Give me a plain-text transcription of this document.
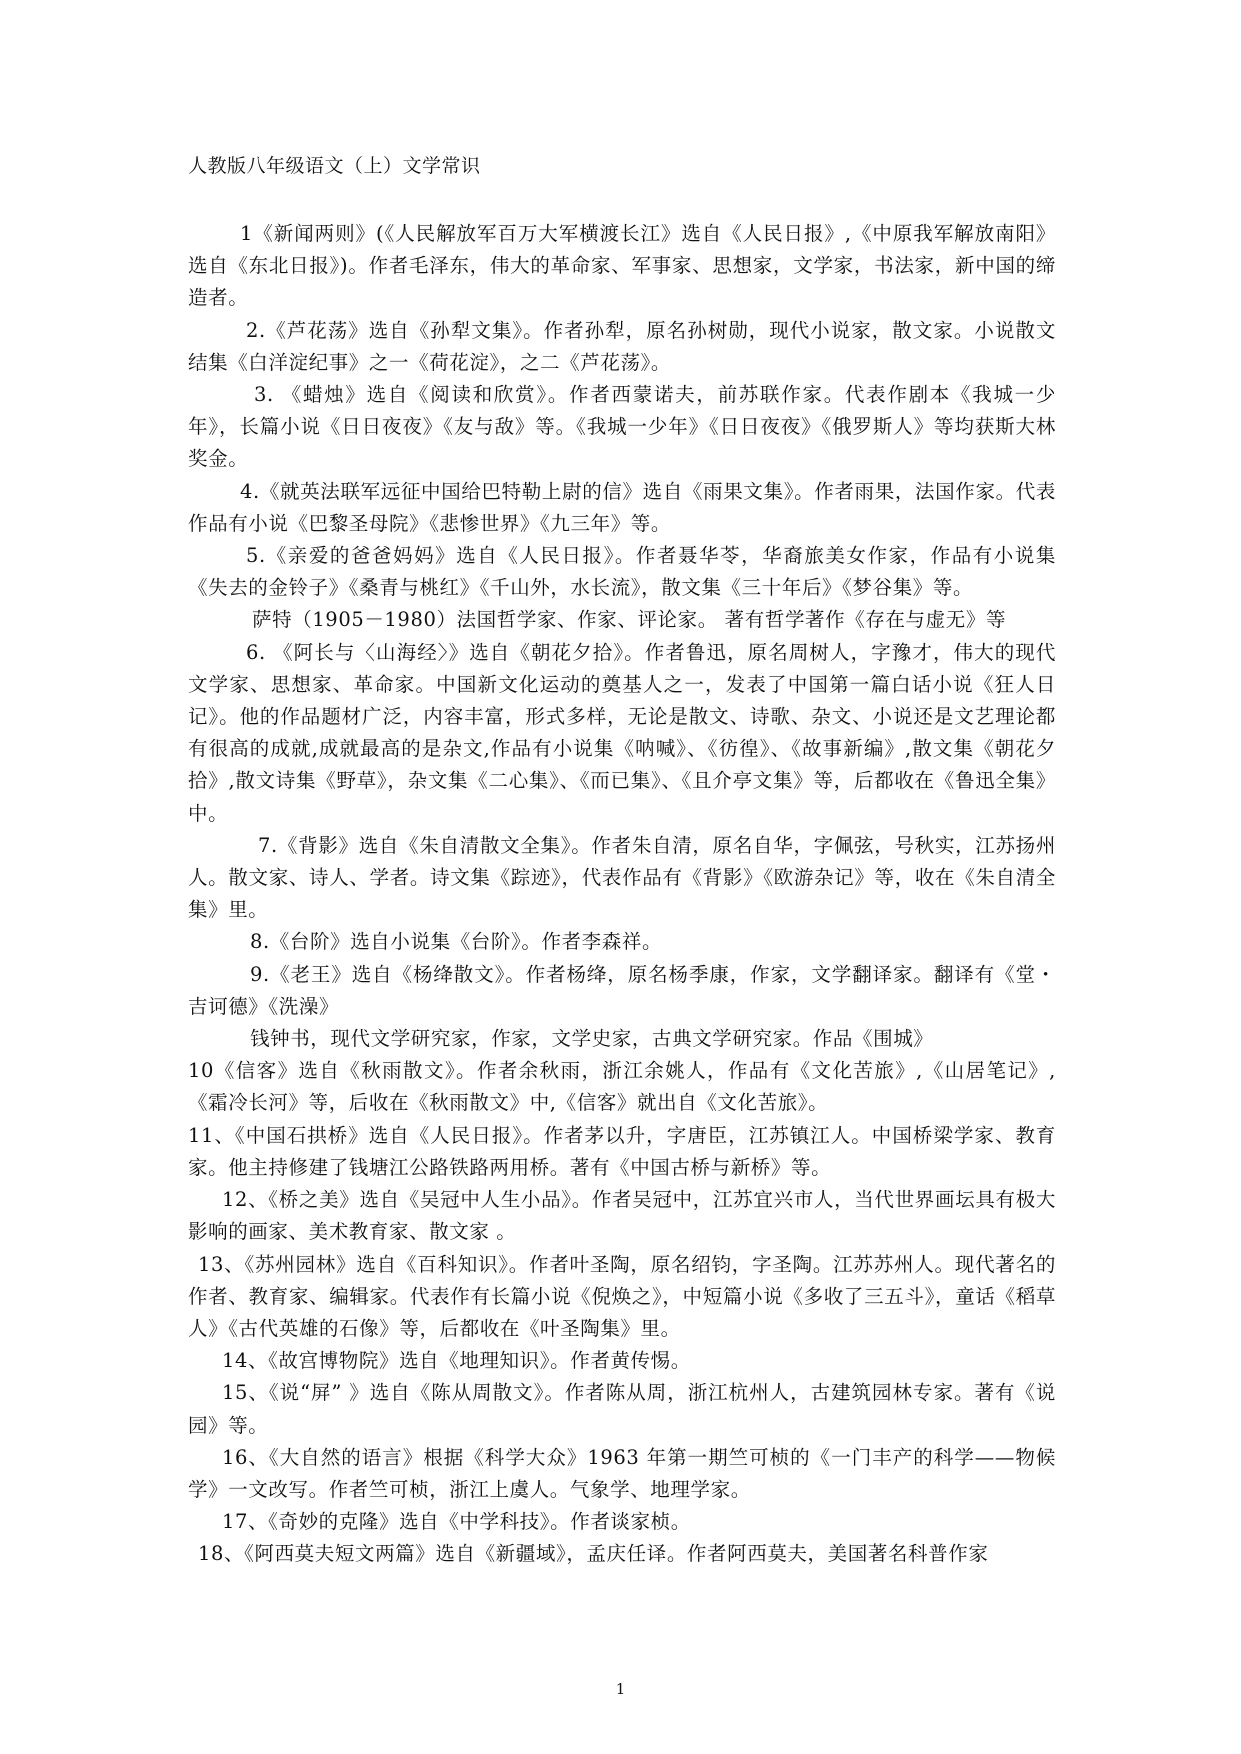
人教版八年级语文（上）文学常识

1《新闻两则》(《人民解放军百万大军横渡长江》选自《人民日报》,《中原我军解放南阳》选自《东北日报》)。作者毛泽东，伟大的革命家、军事家、思想家，文学家，书法家，新中国的缔造者。

2.《芦花荡》选自《孙犁文集》。作者孙犁，原名孙树勋，现代小说家，散文家。小说散文结集《白洋淀纪事》之一《荷花淀》，之二《芦花荡》。

3. 《蜡烛》选自《阅读和欣赏》。作者西蒙诺夫，前苏联作家。代表作剧本《我城一少年》，长篇小说《日日夜夜》《友与敌》等。《我城一少年》《日日夜夜》《俄罗斯人》等均获斯大林奖金。

4.《就英法联军远征中国给巴特勒上尉的信》选自《雨果文集》。作者雨果，法国作家。代表作品有小说《巴黎圣母院》《悲惨世界》《九三年》等。

5.《亲爱的爸爸妈妈》选自《人民日报》。作者聂华苓，华裔旅美女作家，作品有小说集《失去的金铃子》《桑青与桃红》《千山外，水长流》，散文集《三十年后》《梦谷集》等。

萨特（1905－1980）法国哲学家、作家、评论家。 著有哲学著作《存在与虚无》等

6. 《阿长与〈山海经〉》选自《朝花夕拾》。作者鲁迅，原名周树人，字豫才，伟大的现代文学家、思想家、革命家。中国新文化运动的奠基人之一，发表了中国第一篇白话小说《狂人日记》。他的作品题材广泛，内容丰富，形式多样，无论是散文、诗歌、杂文、小说还是文艺理论都有很高的成就,成就最高的是杂文,作品有小说集《呐喊》、《彷徨》、《故事新编》,散文集《朝花夕拾》,散文诗集《野草》，杂文集《二心集》、《而已集》、《且介亭文集》等，后都收在《鲁迅全集》中。

7.《背影》选自《朱自清散文全集》。作者朱自清，原名自华，字佩弦，号秋实，江苏扬州人。散文家、诗人、学者。诗文集《踪迹》，代表作品有《背影》《欧游杂记》等，收在《朱自清全集》里。

8.《台阶》选自小说集《台阶》。作者李森祥。

9.《老王》选自《杨绛散文》。作者杨绛，原名杨季康，作家，文学翻译家。翻译有《堂・吉诃德》《洗澡》

钱钟书，现代文学研究家，作家，文学史家，古典文学研究家。作品《围城》

10《信客》选自《秋雨散文》。作者余秋雨，浙江余姚人，作品有《文化苦旅》,《山居笔记》,《霜冷长河》等，后收在《秋雨散文》中,《信客》就出自《文化苦旅》。

11、《中国石拱桥》选自《人民日报》。作者茅以升，字唐臣，江苏镇江人。中国桥梁学家、教育家。他主持修建了钱塘江公路铁路两用桥。著有《中国古桥与新桥》等。

12、《桥之美》选自《吴冠中人生小品》。作者吴冠中，江苏宜兴市人，当代世界画坛具有极大影响的画家、美术教育家、散文家 。

13、《苏州园林》选自《百科知识》。作者叶圣陶，原名绍钧，字圣陶。江苏苏州人。现代著名的作者、教育家、编辑家。代表作有长篇小说《倪焕之》，中短篇小说《多收了三五斗》，童话《稻草人》《古代英雄的石像》等，后都收在《叶圣陶集》里。

14、《故宫博物院》选自《地理知识》。作者黄传惕。

15、《说“屏” 》选自《陈从周散文》。作者陈从周，浙江杭州人，古建筑园林专家。著有《说园》等。

16、《大自然的语言》根据《科学大众》1963 年第一期竺可桢的《一门丰产的科学——物候学》一文改写。作者竺可桢，浙江上虞人。气象学、地理学家。

17、《奇妙的克隆》选自《中学科技》。作者谈家桢。

18、《阿西莫夫短文两篇》选自《新疆域》，孟庆任译。作者阿西莫夫，美国著名科普作家

1
